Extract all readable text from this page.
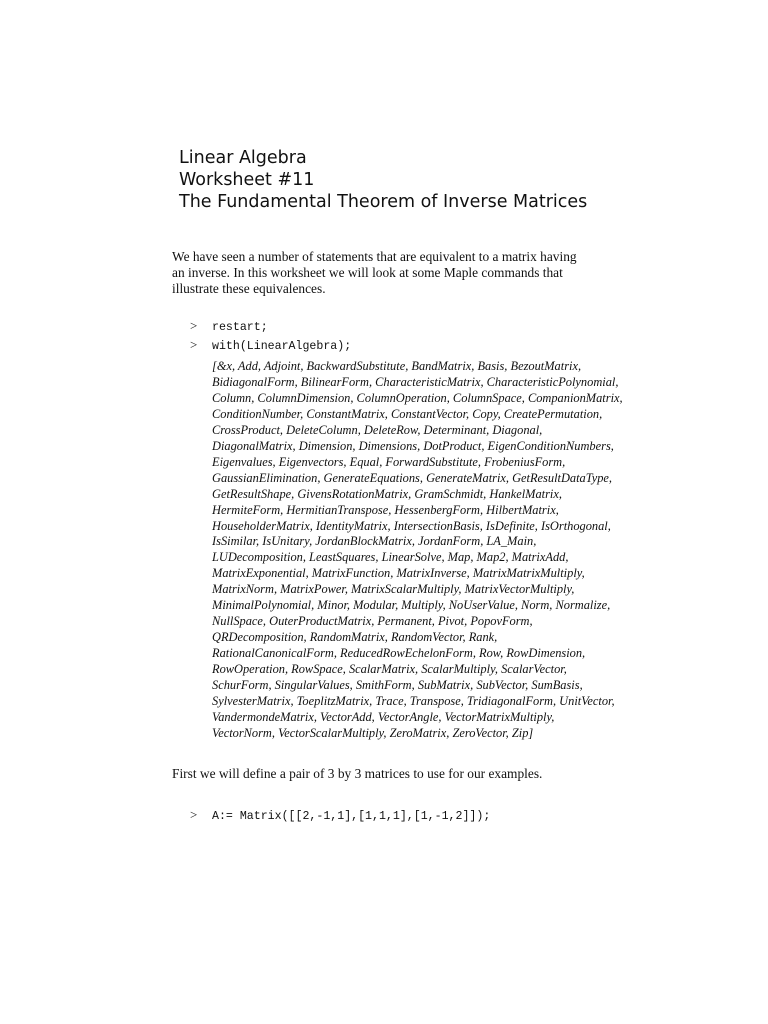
Linear Algebra
Worksheet #11
The Fundamental Theorem of Inverse Matrices
We have seen a number of statements that are equivalent to a matrix having
an inverse. In this worksheet we will look at some Maple commands that
illustrate these equivalences.
> restart;
> with(LinearAlgebra);
[&x, Add, Adjoint, BackwardSubstitute, BandMatrix, Basis, BezoutMatrix,
BidiagonalForm, BilinearForm, CharacteristicMatrix, CharacteristicPolynomial,
Column, ColumnDimension, ColumnOperation, ColumnSpace, CompanionMatrix,
ConditionNumber, ConstantMatrix, ConstantVector, Copy, CreatePermutation,
CrossProduct, DeleteColumn, DeleteRow, Determinant, Diagonal,
DiagonalMatrix, Dimension, Dimensions, DotProduct, EigenConditionNumbers,
Eigenvalues, Eigenvectors, Equal, ForwardSubstitute, FrobeniusForm,
GaussianElimination, GenerateEquations, GenerateMatrix, GetResultDataType,
GetResultShape, GivensRotationMatrix, GramSchmidt, HankelMatrix,
HermiteForm, HermitianTranspose, HessenbergForm, HilbertMatrix,
HouseholderMatrix, IdentityMatrix, IntersectionBasis, IsDefinite, IsOrthogonal,
IsSimilar, IsUnitary, JordanBlockMatrix, JordanForm, LA_Main,
LUDecomposition, LeastSquares, LinearSolve, Map, Map2, MatrixAdd,
MatrixExponential, MatrixFunction, MatrixInverse, MatrixMatrixMultiply,
MatrixNorm, MatrixPower, MatrixScalarMultiply, MatrixVectorMultiply,
MinimalPolynomial, Minor, Modular, Multiply, NoUserValue, Norm, Normalize,
NullSpace, OuterProductMatrix, Permanent, Pivot, PopovForm,
QRDecomposition, RandomMatrix, RandomVector, Rank,
RationalCanonicalForm, ReducedRowEchelonForm, Row, RowDimension,
RowOperation, RowSpace, ScalarMatrix, ScalarMultiply, ScalarVector,
SchurForm, SingularValues, SmithForm, SubMatrix, SubVector, SumBasis,
SylvesterMatrix, ToeplitzMatrix, Trace, Transpose, TridiagonalForm, UnitVector,
VandermondeMatrix, VectorAdd, VectorAngle, VectorMatrixMultiply,
VectorNorm, VectorScalarMultiply, ZeroMatrix, ZeroVector, Zip]
First we will define a pair of 3 by 3 matrices to use for our examples.
> A:= Matrix([[2,-1,1],[1,1,1],[1,-1,2]]);
